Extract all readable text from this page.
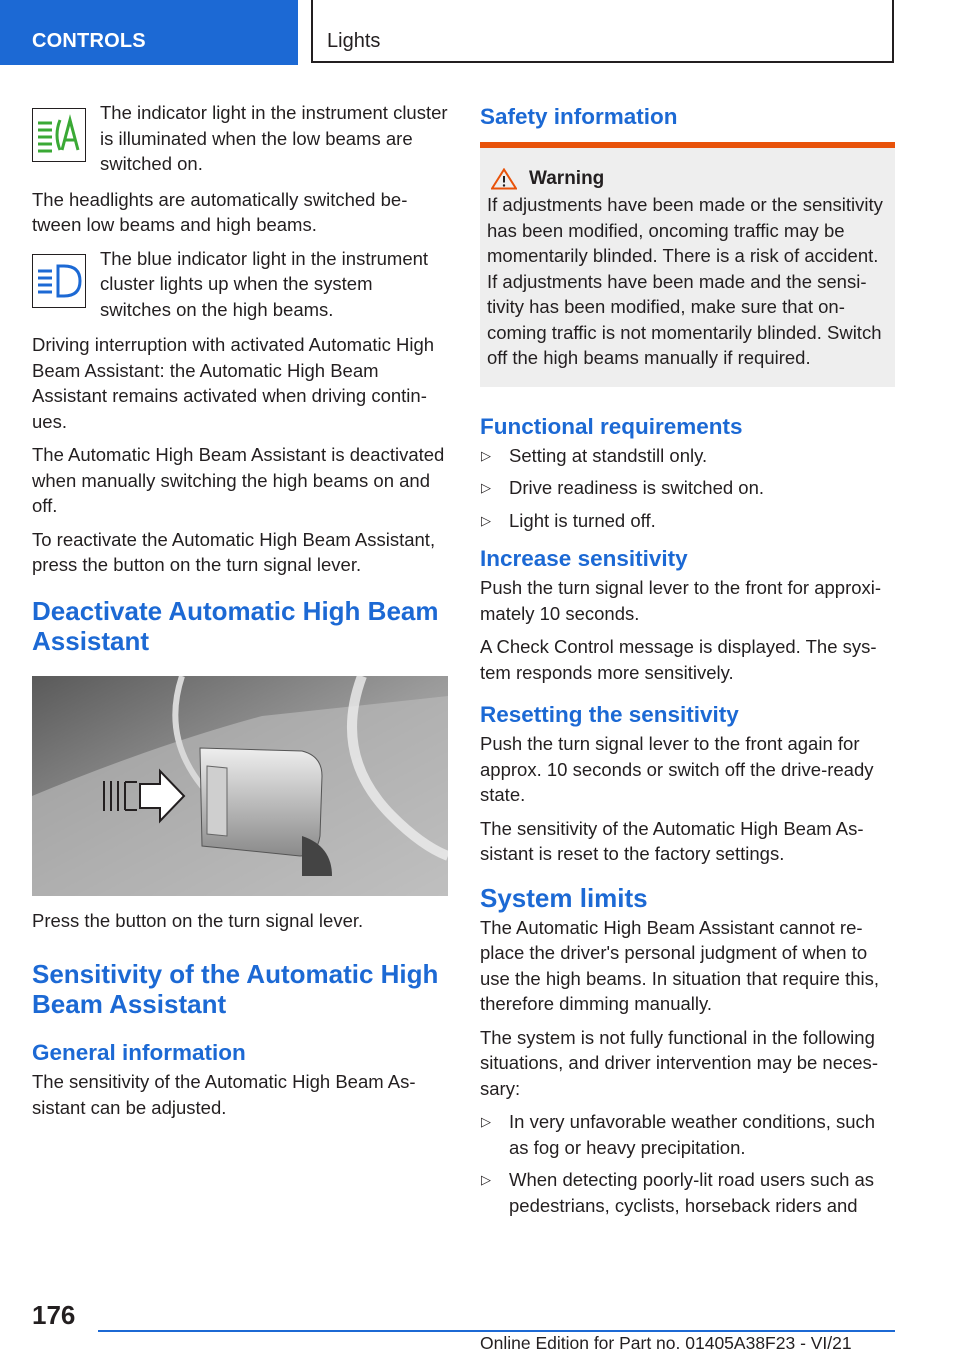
CONTROLS	Lights

The indicator light in the instrument cluster is illuminated when the low beams are switched on.

The headlights are automatically switched between low beams and high beams.

The blue indicator light in the instrument cluster lights up when the system switches on the high beams.

Driving interruption with activated Automatic High Beam Assistant: the Automatic High Beam Assistant remains activated when driving continues.

The Automatic High Beam Assistant is deactivated when manually switching the high beams on and off.

To reactivate the Automatic High Beam Assistant, press the button on the turn signal lever.

Deactivate Automatic High Beam Assistant

Press the button on the turn signal lever.

Sensitivity of the Automatic High Beam Assistant
General information

The sensitivity of the Automatic High Beam Assistant can be adjusted.

Safety information
Warning

If adjustments have been made or the sensitivity has been modified, oncoming traffic may be momentarily blinded. There is a risk of accident. If adjustments have been made and the sensitivity has been modified, make sure that oncoming traffic is not momentarily blinded. Switch off the high beams manually if required.

Functional requirements
▷ Setting at standstill only.
▷ Drive readiness is switched on.
▷ Light is turned off.
Increase sensitivity

Push the turn signal lever to the front for approximately 10 seconds.

A Check Control message is displayed. The system responds more sensitively.

Resetting the sensitivity

Push the turn signal lever to the front again for approx. 10 seconds or switch off the drive-ready state.

The sensitivity of the Automatic High Beam Assistant is reset to the factory settings.

System limits

The Automatic High Beam Assistant cannot replace the driver's personal judgment of when to use the high beams. In situation that require this, therefore dimming manually.

The system is not fully functional in the following situations, and driver intervention may be necessary:

▷ In very unfavorable weather conditions, such as fog or heavy precipitation.
▷ When detecting poorly-lit road users such as pedestrians, cyclists, horseback riders and
176
Online Edition for Part no. 01405A38F23 - VI/21
